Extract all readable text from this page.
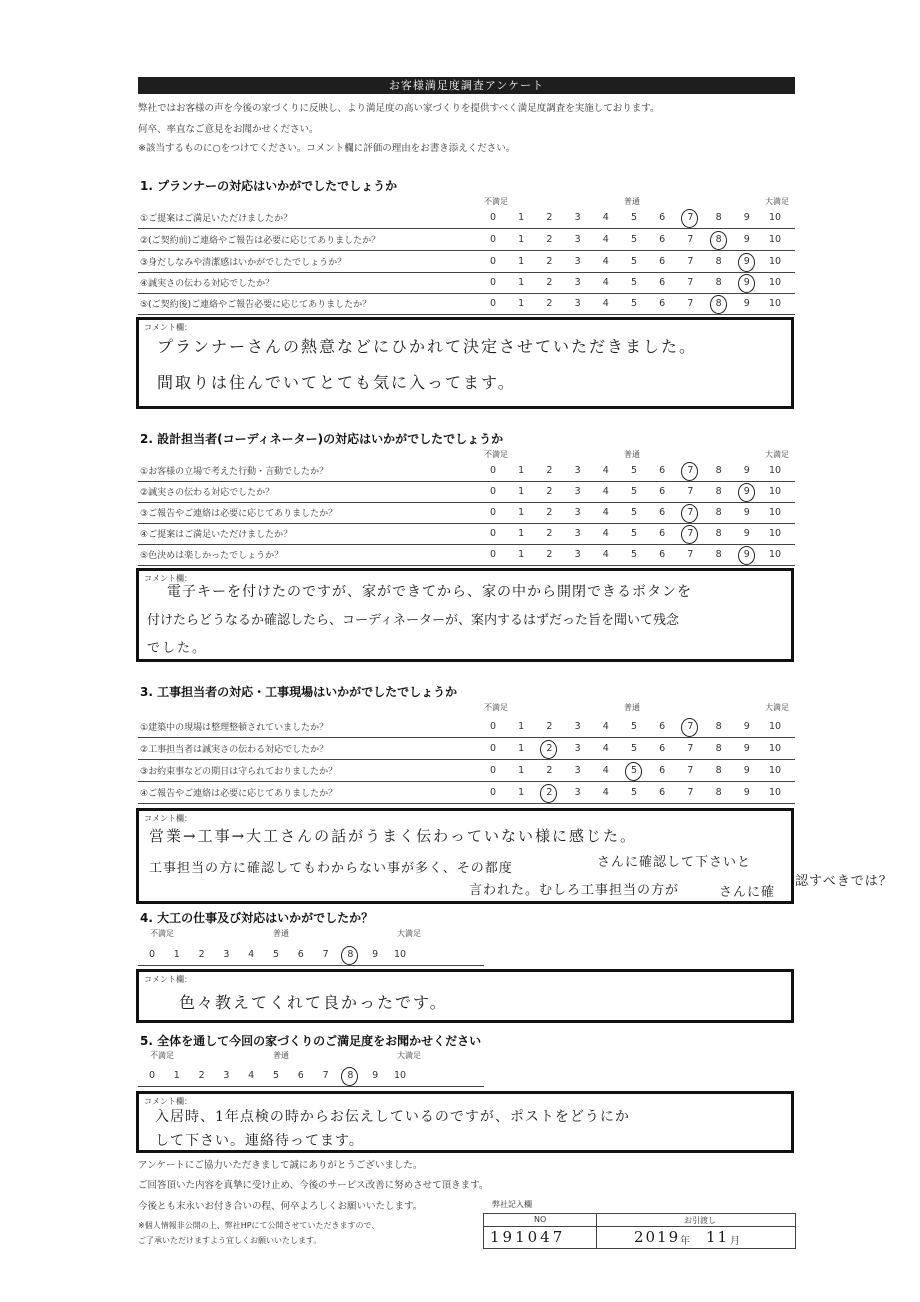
お客様満足度調査アンケート
弊社ではお客様の声を今後の家づくりに反映し、より満足度の高い家づくりを提供すべく満足度調査を実施しております。
何卒、率直なご意見をお聞かせください。
※該当するものに○をつけてください。コメント欄に評価の理由をお書き添えください。
1. プランナーの対応はいかがでしたでしょうか
不満足	普通	大満足
①ご提案はご満足いただけましたか？	0	1	2	3	4	5	6	7	8	9	10
②(ご契約前)ご連絡やご報告は必要に応じてありましたか？	0	1	2	3	4	5	6	7	8	9	10
③身だしなみや清潔感はいかがでしたでしょうか？	0	1	2	3	4	5	6	7	8	9	10
④誠実さの伝わる対応でしたか？	0	1	2	3	4	5	6	7	8	9	10
⑤(ご契約後)ご連絡やご報告必要に応じてありましたか？	0	1	2	3	4	5	6	7	8	9	10
コメント欄：
プランナーさんの熱意などにひかれて決定させていただきました。
間取りは住んでいてとても気に入ってます。
2. 設計担当者(コーディネーター)の対応はいかがでしたでしょうか
不満足	普通	大満足
①お客様の立場で考えた行動・言動でしたか？	0	1	2	3	4	5	6	7	8	9	10
②誠実さの伝わる対応でしたか？	0	1	2	3	4	5	6	7	8	9	10
③ご報告やご連絡は必要に応じてありましたか？	0	1	2	3	4	5	6	7	8	9	10
④ご提案はご満足いただけましたか？	0	1	2	3	4	5	6	7	8	9	10
⑤色決めは楽しかったでしょうか？	0	1	2	3	4	5	6	7	8	9	10
コメント欄：
電子キーを付けたのですが、家ができてから、家の中から開閉できるボタンを
付けたらどうなるか確認したら、コーディネーターが、案内するはずだった旨を聞いて残念
でした。
3. 工事担当者の対応・工事現場はいかがでしたでしょうか
不満足	普通	大満足
①建築中の現場は整理整頓されていましたか？	0	1	2	3	4	5	6	7	8	9	10
②工事担当者は誠実さの伝わる対応でしたか？	0	1	2	3	4	5	6	7	8	9	10
③お約束事などの期日は守られておりましたか？	0	1	2	3	4	5	6	7	8	9	10
④ご報告やご連絡は必要に応じてありましたか？	0	1	2	3	4	5	6	7	8	9	10
コメント欄：
営業→工事→大工さんの話がうまく伝わっていない様に感じた。
工事担当の方に確認してもわからない事が多く、その都度	さんに確認して下さいと
言われた。むしろ工事担当の方が	さんに確
認すべきでは？
4. 大工の仕事及び対応はいかがでしたか？
不満足	普通	大満足
0	1	2	3	4	5	6	7	8	9	10
コメント欄：
色々教えてくれて良かったです。
5. 全体を通して今回の家づくりのご満足度をお聞かせください
不満足	普通	大満足
0	1	2	3	4	5	6	7	8	9	10
コメント欄：
入居時、1年点検の時からお伝えしているのですが、ポストをどうにか
して下さい。連絡待ってます。
アンケートにご協力いただきまして誠にありがとうございました。
ご回答頂いた内容を真摯に受け止め、今後のサービス改善に努めさせて頂きます。
今後とも末永いお付き合いの程、何卒よろしくお願いいたします。
※個人情報非公開の上、弊社HPにて公開させていただきますので、
ご了承いただけますよう宜しくお願いいたします。
弊社記入欄
NO	お引渡し
191047	2019 年 11 月
